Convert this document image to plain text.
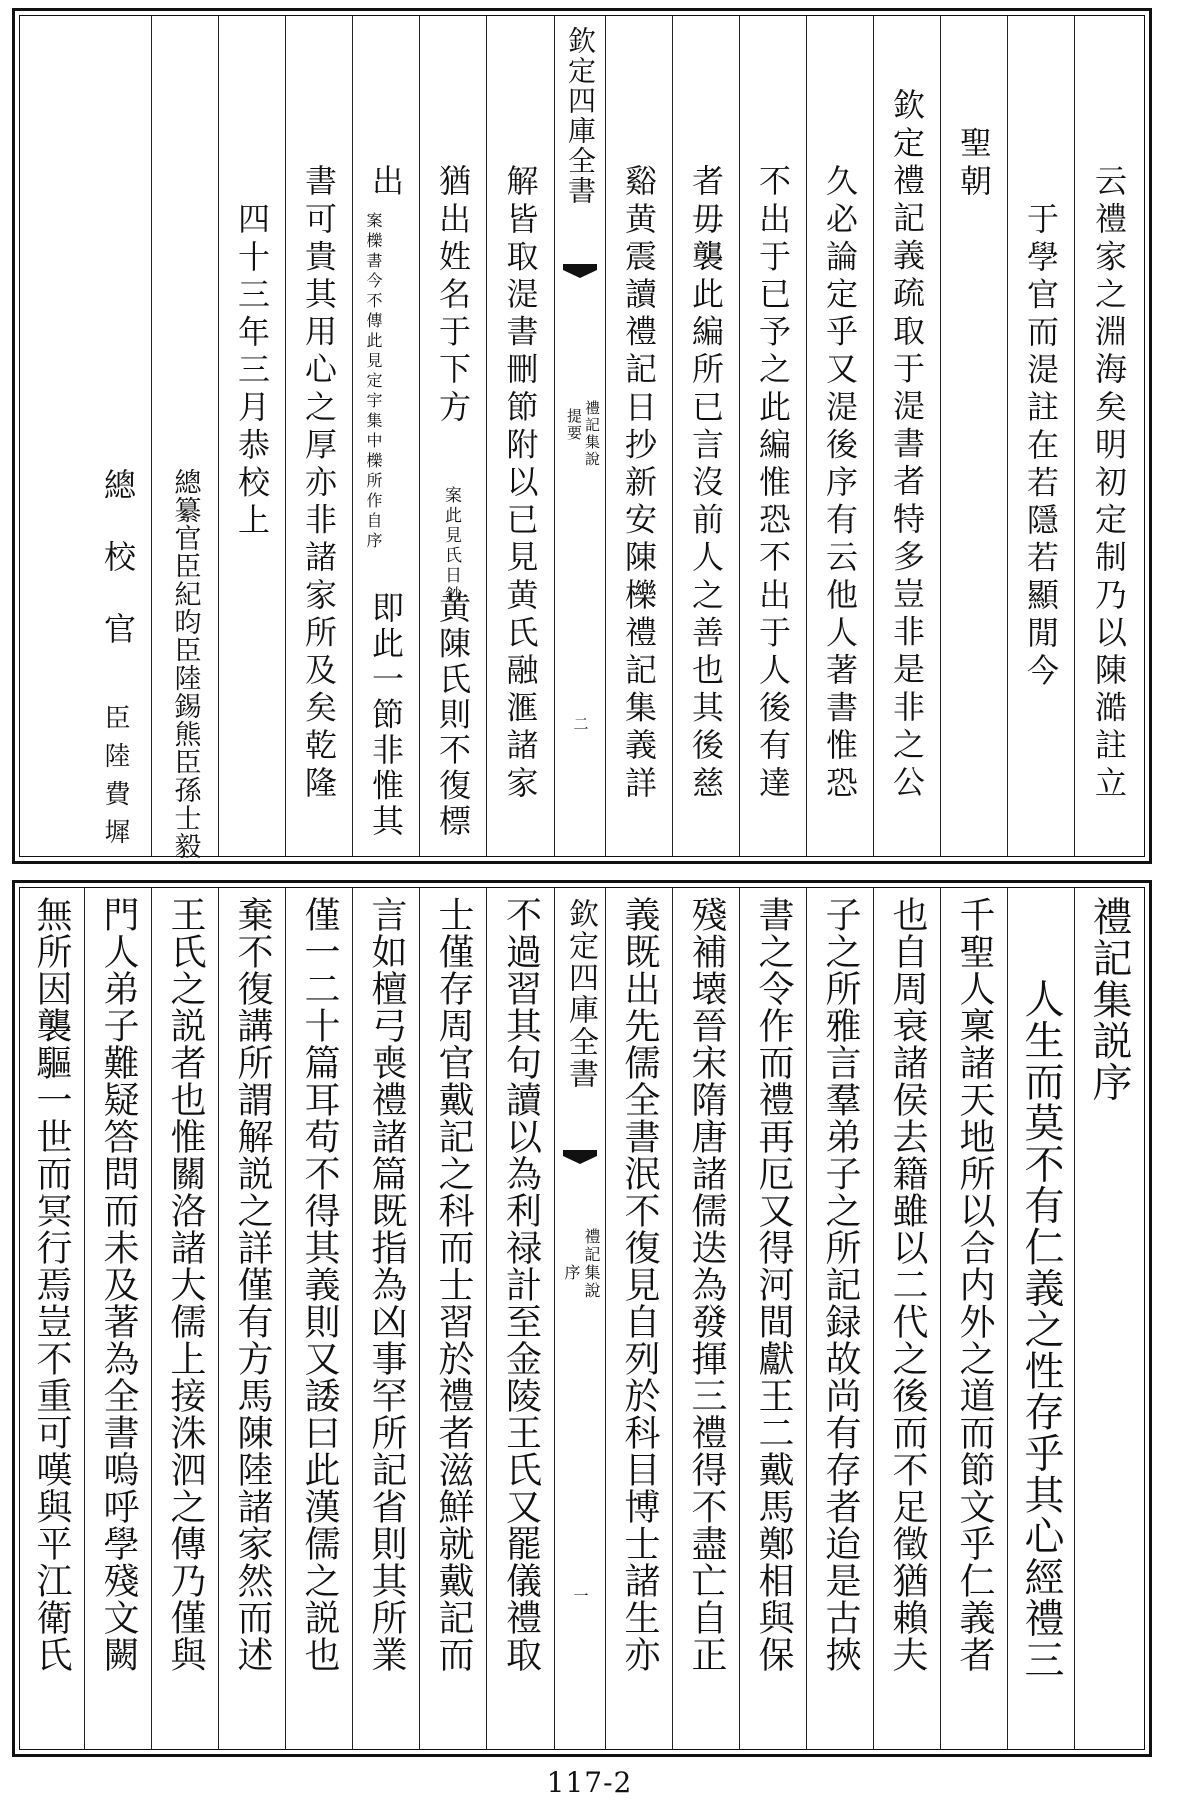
云禮家之淵海矣明初定制乃以陳澔註立
于學官而湜註在若隱若顯閒今
聖朝
欽定禮記義疏取于湜書者特多豈非是非之公
久必論定乎又湜後序有云他人著書惟恐
不出于已予之此編惟恐不出于人後有達
者毋襲此編所已言沒前人之善也其後慈
谿黄震讀禮記日抄新安陳櫟禮記集義詳
欽定四庫全書
禮記集說
提要
二
解皆取湜書刪節附以已見黄氏融滙諸家
猶出姓名于下方
案此見氏日鈔
黄陳氏則不復標
出
案櫟書今不傳此見定宇集中櫟所作自序
即此一節非惟其
書可貴其用心之厚亦非諸家所及矣乾隆
四十三年三月恭校上
總纂官臣紀昀臣陸錫熊臣孫士毅
總　校　官
臣陸費墀
禮記集説序
人生而莫不有仁義之性存乎其心經禮三
千聖人稟諸天地所以合内外之道而節文乎仁義者
也自周衰諸侯去籍雖以二代之後而不足徵猶賴夫
子之所雅言羣弟子之所記録故尚有存者迨是古挾
書之令作而禮再厄又得河間獻王二戴馬鄭相與保
殘補壊晉宋隋唐諸儒迭為發揮三禮得不盡亡自正
義既出先儒全書泯不復見自列於科目博士諸生亦
欽定四庫全書
禮記集說
序
一
不過習其句讀以為利禄計至金陵王氏又罷儀禮取
士僅存周官戴記之科而士習於禮者滋鮮就戴記而
言如檀弓喪禮諸篇既指為凶事罕所記省則其所業
僅一二十篇耳苟不得其義則又諉曰此漢儒之説也
棄不復講所謂解説之詳僅有方馬陳陸諸家然而述
王氏之説者也惟關洛諸大儒上接洙泗之傳乃僅與
門人弟子難疑答問而未及著為全書嗚呼學殘文闕
無所因襲驅一世而冥行焉豈不重可嘆與平江衛氏
117-2
